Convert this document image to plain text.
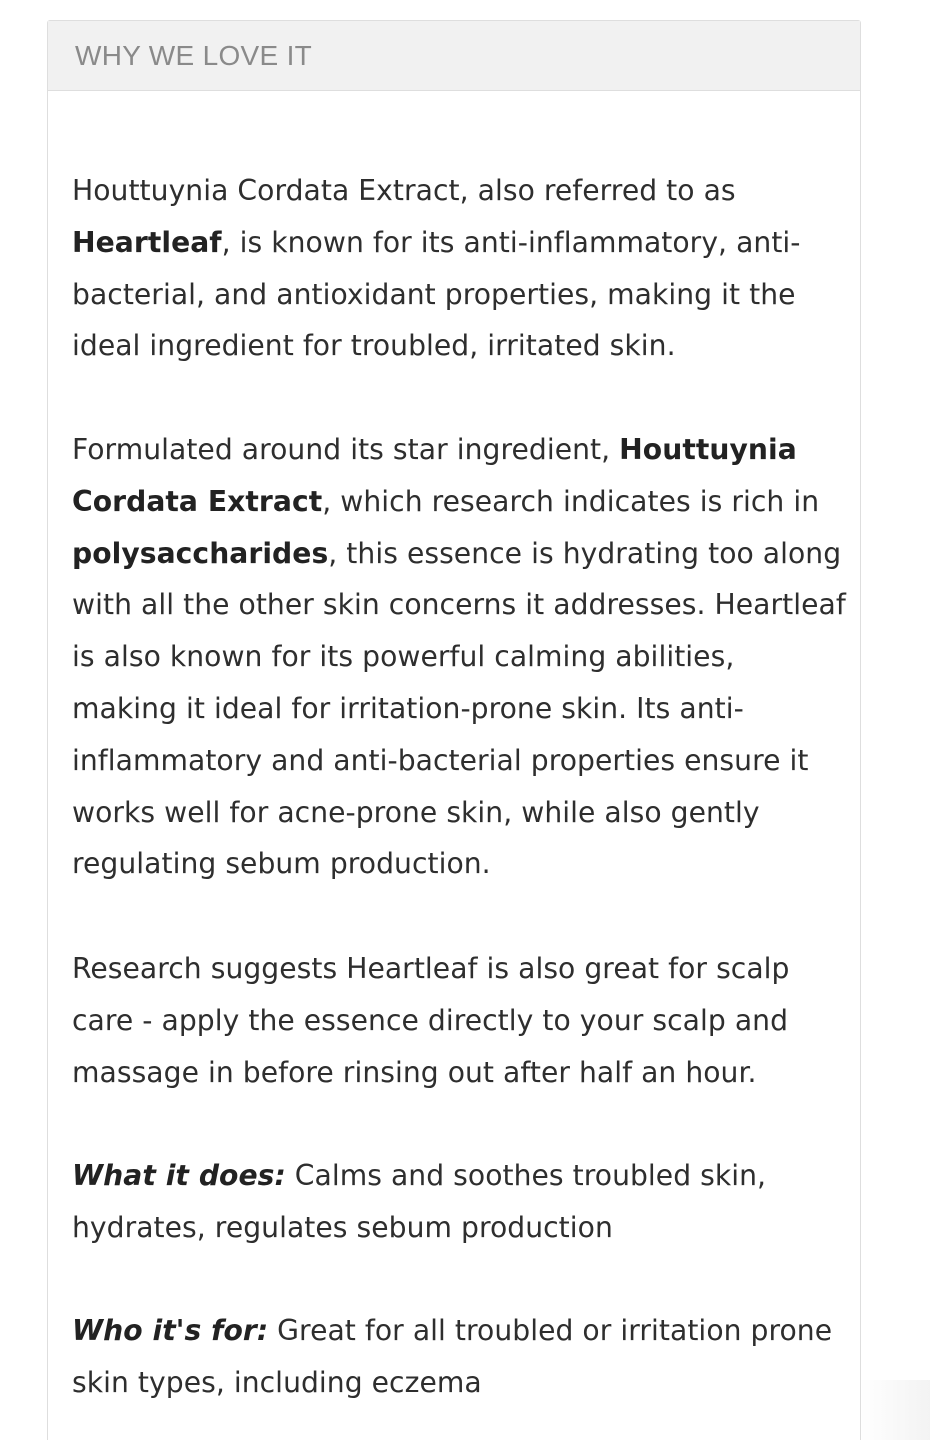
WHY WE LOVE IT

Houttuynia Cordata Extract, also referred to as Heartleaf, is known for its anti-inflammatory, anti-bacterial, and antioxidant properties, making it the ideal ingredient for troubled, irritated skin.

Formulated around its star ingredient, Houttuynia Cordata Extract, which research indicates is rich in polysaccharides, this essence is hydrating too along with all the other skin concerns it addresses. Heartleaf is also known for its powerful calming abilities, making it ideal for irritation-prone skin. Its anti-inflammatory and anti-bacterial properties ensure it works well for acne-prone skin, while also gently regulating sebum production.

Research suggests Heartleaf is also great for scalp care - apply the essence directly to your scalp and massage in before rinsing out after half an hour.

What it does: Calms and soothes troubled skin, hydrates, regulates sebum production

Who it's for: Great for all troubled or irritation prone skin types, including eczema
